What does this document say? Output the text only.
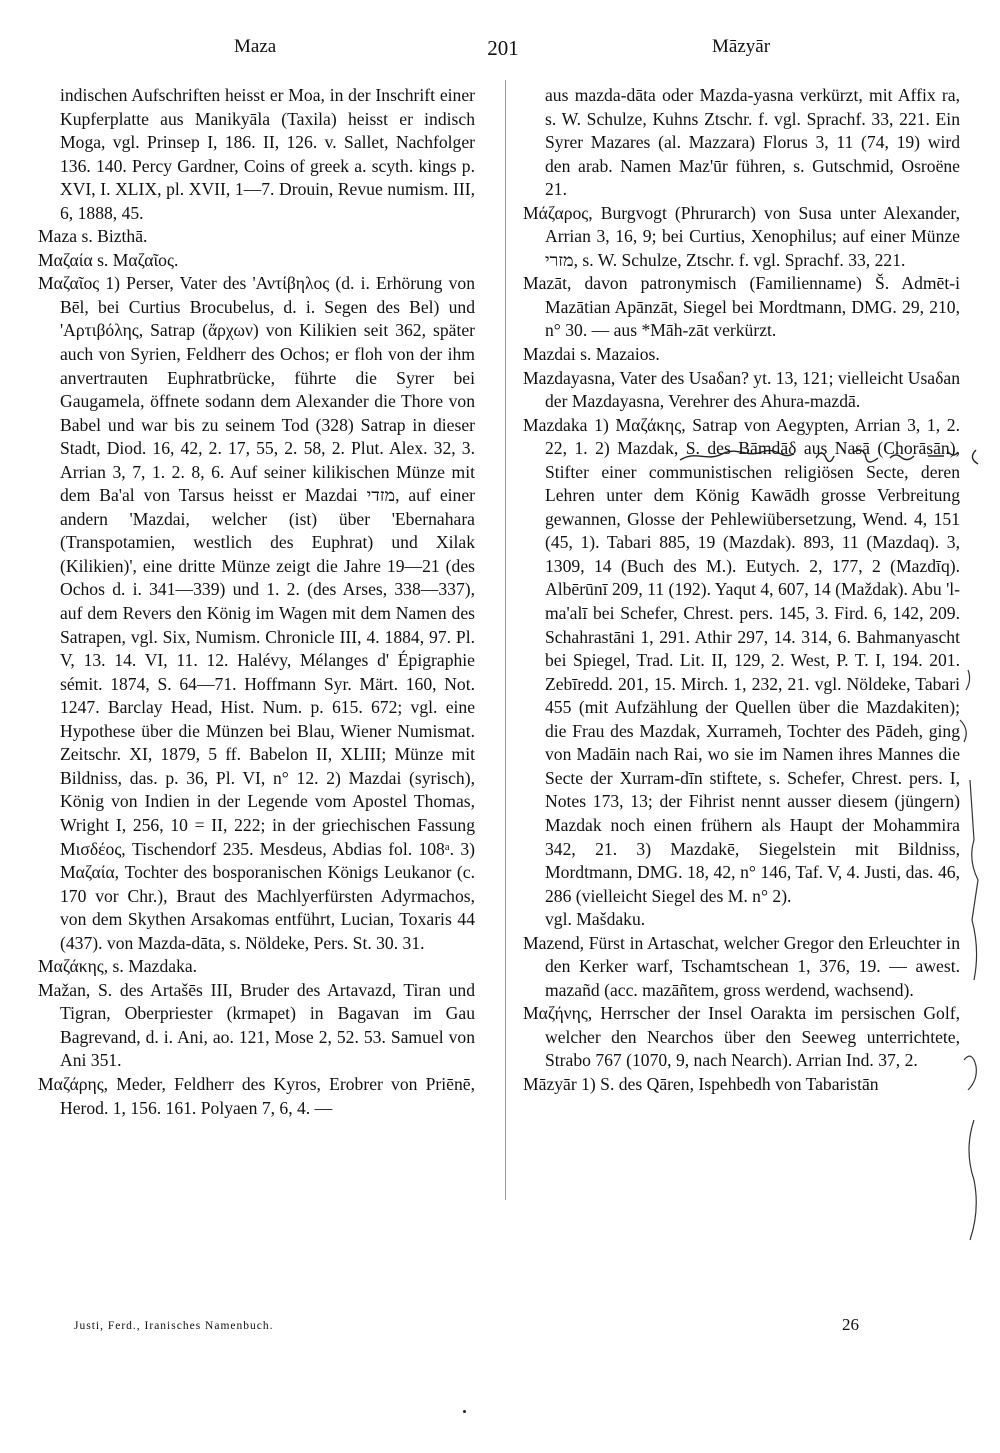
Maza	201	Māzyār

indischen Aufschriften heisst er Moa, in der Inschrift einer Kupferplatte aus Manikyāla (Taxila) heisst er indisch Moga, vgl. Prinsep I, 186. II, 126. v. Sallet, Nachfolger 136. 140. Percy Gardner, Coins of greek a. scyth. kings p. XVI, I. XLIX, pl. XVII, 1—7. Drouin, Revue numism. III, 6, 1888, 45.

Maza s. Bizthā.

Μαζαία s. Μαζαῖος.

Μαζαῖος 1) Perser, Vater des 'Αντίβηλος (d. i. Erhörung von Bēl, bei Curtius Brocubelus, d. i. Segen des Bel) und 'Αρτιβόλης, Satrap (ἄρχων) von Kilikien seit 362, später auch von Syrien, Feldherr des Ochos; er floh von der ihm anvertrauten Euphratbrücke, führte die Syrer bei Gaugamela, öffnete sodann dem Alexander die Thore von Babel und war bis zu seinem Tod (328) Satrap in dieser Stadt, Diod. 16, 42, 2. 17, 55, 2. 58, 2. Plut. Alex. 32, 3. Arrian 3, 7, 1. 2. 8, 6. Auf seiner kilikischen Münze mit dem Ba'al von Tarsus heisst er Mazdai מזדי, auf einer andern 'Mazdai, welcher (ist) über 'Ebernahara (Transpotamien, westlich des Euphrat) und Xilak (Kilikien)', eine dritte Münze zeigt die Jahre 19—21 (des Ochos d. i. 341—339) und 1. 2. (des Arses, 338—337), auf dem Revers den König im Wagen mit dem Namen des Satrapen, vgl. Six, Numism. Chronicle III, 4. 1884, 97. Pl. V, 13. 14. VI, 11. 12. Halévy, Mélanges d' Épigraphie sémit. 1874, S. 64—71. Hoffmann Syr. Märt. 160, Not. 1247. Barclay Head, Hist. Num. p. 615. 672; vgl. eine Hypothese über die Münzen bei Blau, Wiener Numismat. Zeitschr. XI, 1879, 5 ff. Babelon II, XLIII; Münze mit Bildniss, das. p. 36, Pl. VI, n° 12. 2) Mazdai (syrisch), König von Indien in der Legende vom Apostel Thomas, Wright I, 256, 10 = II, 222; in der griechischen Fassung Μισδέος, Tischendorf 235. Mesdeus, Abdias fol. 108ᵃ. 3) Μαζαία, Tochter des bosporanischen Königs Leukanor (c. 170 vor Chr.), Braut des Machlyerfürsten Adyrmachos, von dem Skythen Arsakomas entführt, Lucian, Toxaris 44 (437). von Mazda-dāta, s. Nöldeke, Pers. St. 30. 31.

Μαζάκης, s. Mazdaka.

Mažan, S. des Artašēs III, Bruder des Artavazd, Tiran und Tigran, Oberpriester (krmapet) in Bagavan im Gau Bagrevand, d. i. Ani, ao. 121, Mose 2, 52. 53. Samuel von Ani 351.

Μαζάρης, Meder, Feldherr des Kyros, Erobrer von Priēnē, Herod. 1, 156. 161. Polyaen 7, 6, 4. —

aus mazda-dāta oder Mazda-yasna verkürzt, mit Affix ra, s. W. Schulze, Kuhns Ztschr. f. vgl. Sprachf. 33, 221. Ein Syrer Mazares (al. Mazzara) Florus 3, 11 (74, 19) wird den arab. Namen Maz'ūr führen, s. Gutschmid, Osroëne 21.

Μάζαρος, Burgvogt (Phrurarch) von Susa unter Alexander, Arrian 3, 16, 9; bei Curtius, Xenophilus; auf einer Münze מזרי, s. W. Schulze, Ztschr. f. vgl. Sprachf. 33, 221.

Mazāt, davon patronymisch (Familienname) Š. Admēt-i Mazātian Apānzāt, Siegel bei Mordtmann, DMG. 29, 210, n° 30. — aus *Māh-zāt verkürzt.

Mazdai s. Mazaios.

Mazdayasna, Vater des Usaδan? yt. 13, 121; vielleicht Usaδan der Mazdayasna, Verehrer des Ahura-mazdā.

Mazdaka 1) Μαζάκης, Satrap von Aegypten, Arrian 3, 1, 2. 22, 1. 2) Mazdak, S. des Bāmdāδ aus Nasā (Chorāsān), Stifter einer communistischen religiösen Secte, deren Lehren unter dem König Kawādh grosse Verbreitung gewannen, Glosse der Pehlewiübersetzung, Wend. 4, 151 (45, 1). Tabari 885, 19 (Mazdak). 893, 11 (Mazdaq). 3, 1309, 14 (Buch des M.). Eutych. 2, 177, 2 (Mazdīq). Albērūnī 209, 11 (192). Yaqut 4, 607, 14 (Maždak). Abu 'l-ma'alī bei Schefer, Chrest. pers. 145, 3. Fird. 6, 142, 209. Schahrastāni 1, 291. Athir 297, 14. 314, 6. Bahmanyascht bei Spiegel, Trad. Lit. II, 129, 2. West, P. T. I, 194. 201. Zebīredd. 201, 15. Mirch. 1, 232, 21. vgl. Nöldeke, Tabari 455 (mit Aufzählung der Quellen über die Mazdakiten); die Frau des Mazdak, Xurrameh, Tochter des Pādeh, ging von Madāin nach Rai, wo sie im Namen ihres Mannes die Secte der Xurram-dīn stiftete, s. Schefer, Chrest. pers. I, Notes 173, 13; der Fihrist nennt ausser diesem (jüngern) Mazdak noch einen frühern als Haupt der Mohammira 342, 21. 3) Mazdakē, Siegelstein mit Bildniss, Mordtmann, DMG. 18, 42, n° 146, Taf. V, 4. Justi, das. 46, 286 (vielleicht Siegel des M. n° 2).

vgl. Mašdaku.

Mazend, Fürst in Artaschat, welcher Gregor den Erleuchter in den Kerker warf, Tschamtschean 1, 376, 19. — awest. mazañd (acc. mazāñtem, gross werdend, wachsend).

Μαζήνης, Herrscher der Insel Oarakta im persischen Golf, welcher den Nearchos über den Seeweg unterrichtete, Strabo 767 (1070, 9, nach Nearch). Arrian Ind. 37, 2.

Māzyār 1) S. des Qāren, Ispehbedh von Tabaristān

Justi, Ferd., Iranisches Namenbuch.	26
